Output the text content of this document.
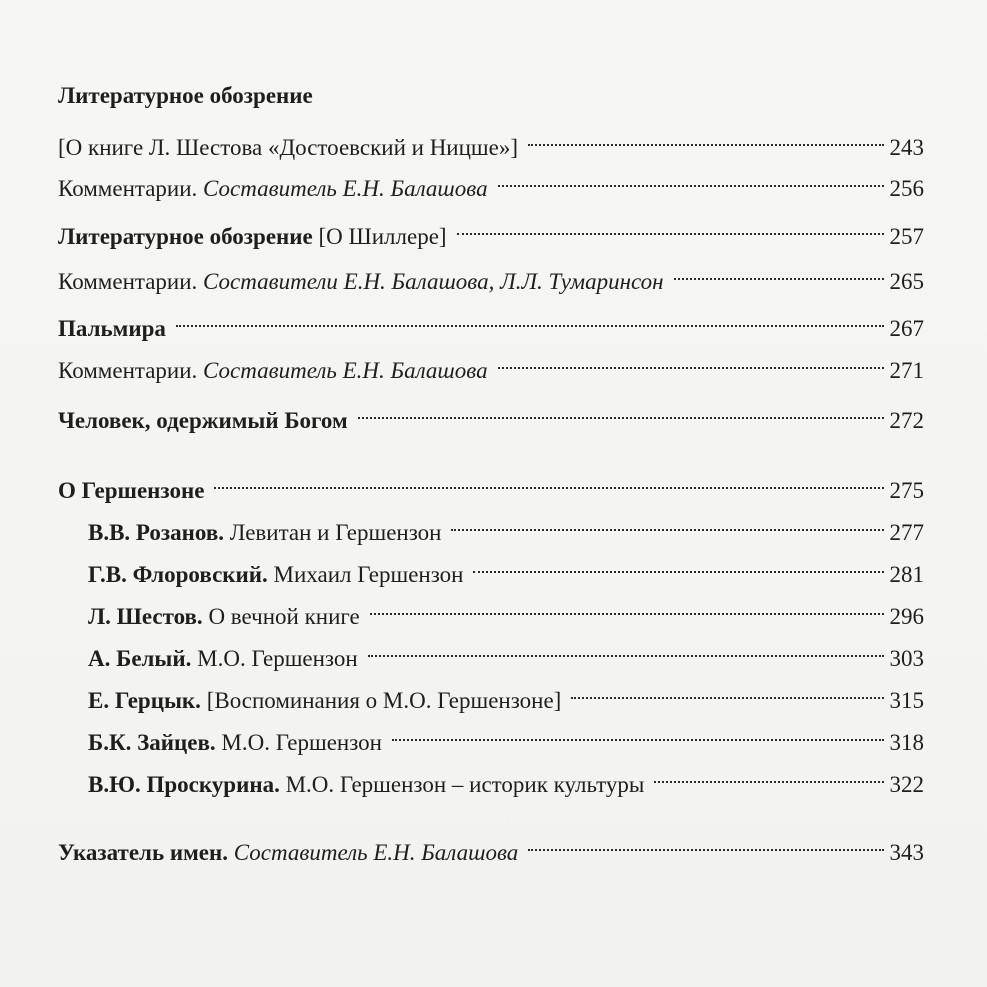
Литературное обозрение
[О книге Л. Шестова «Достоевский и Ницше»]	243
Комментарии. Составитель Е.Н. Балашова	256
Литературное обозрение [О Шиллере]	257
Комментарии. Составители Е.Н. Балашова, Л.Л. Тумаринсон	265
Пальмира	267
Комментарии. Составитель Е.Н. Балашова	271
Человек, одержимый Богом	272
О Гершензоне	275
В.В. Розанов. Левитан и Гершензон	277
Г.В. Флоровский. Михаил Гершензон	281
Л. Шестов. О вечной книге	296
А. Белый. М.О. Гершензон	303
Е. Герцык. [Воспоминания о М.О. Гершензоне]	315
Б.К. Зайцев. М.О. Гершензон	318
В.Ю. Проскурина. М.О. Гершензон – историк культуры	322
Указатель имен. Составитель Е.Н. Балашова	343
